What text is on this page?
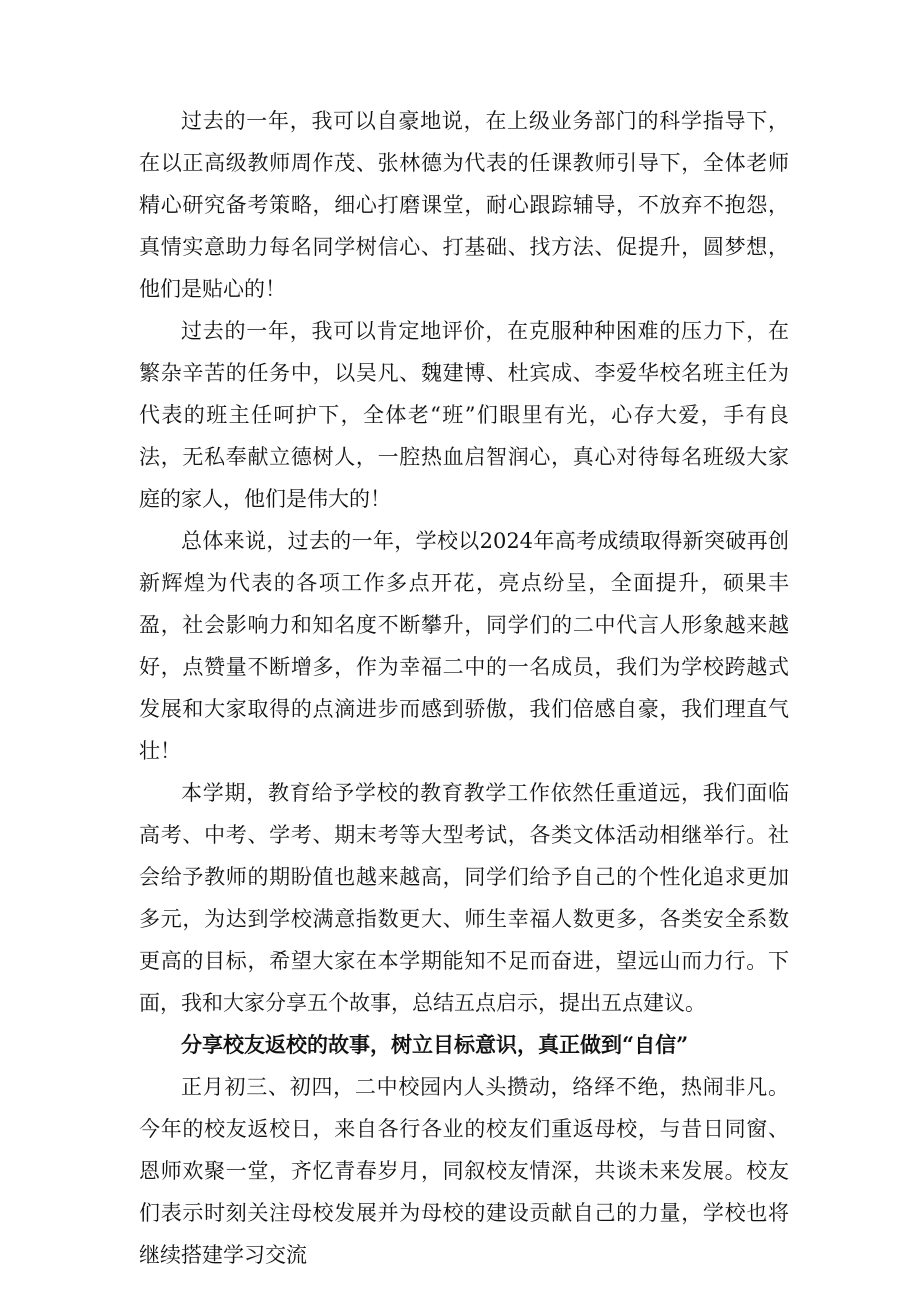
过去的一年，我可以自豪地说，在上级业务部门的科学指导下，在以正高级教师周作茂、张林德为代表的任课教师引导下，全体老师精心研究备考策略，细心打磨课堂，耐心跟踪辅导，不放弃不抱怨，真情实意助力每名同学树信心、打基础、找方法、促提升，圆梦想，他们是贴心的！

过去的一年，我可以肯定地评价，在克服种种困难的压力下，在繁杂辛苦的任务中，以吴凡、魏建博、杜宾成、李爱华校名班主任为代表的班主任呵护下，全体老“班”们眼里有光，心存大爱，手有良法，无私奉献立德树人，一腔热血启智润心，真心对待每名班级大家庭的家人，他们是伟大的！

总体来说，过去的一年，学校以2024年高考成绩取得新突破再创新辉煌为代表的各项工作多点开花，亮点纷呈，全面提升，硕果丰盈，社会影响力和知名度不断攀升，同学们的二中代言人形象越来越好，点赞量不断增多，作为幸福二中的一名成员，我们为学校跨越式发展和大家取得的点滴进步而感到骄傲，我们倍感自豪，我们理直气壮！

本学期，教育给予学校的教育教学工作依然任重道远，我们面临高考、中考、学考、期末考等大型考试，各类文体活动相继举行。社会给予教师的期盼值也越来越高，同学们给予自己的个性化追求更加多元，为达到学校满意指数更大、师生幸福人数更多，各类安全系数更高的目标，希望大家在本学期能知不足而奋进，望远山而力行。下面，我和大家分享五个故事，总结五点启示，提出五点建议。

分享校友返校的故事，树立目标意识，真正做到“自信”

正月初三、初四，二中校园内人头攒动，络绎不绝，热闹非凡。今年的校友返校日，来自各行各业的校友们重返母校，与昔日同窗、恩师欢聚一堂，齐忆青春岁月，同叙校友情深，共谈未来发展。校友们表示时刻关注母校发展并为母校的建设贡献自己的力量，学校也将继续搭建学习交流
